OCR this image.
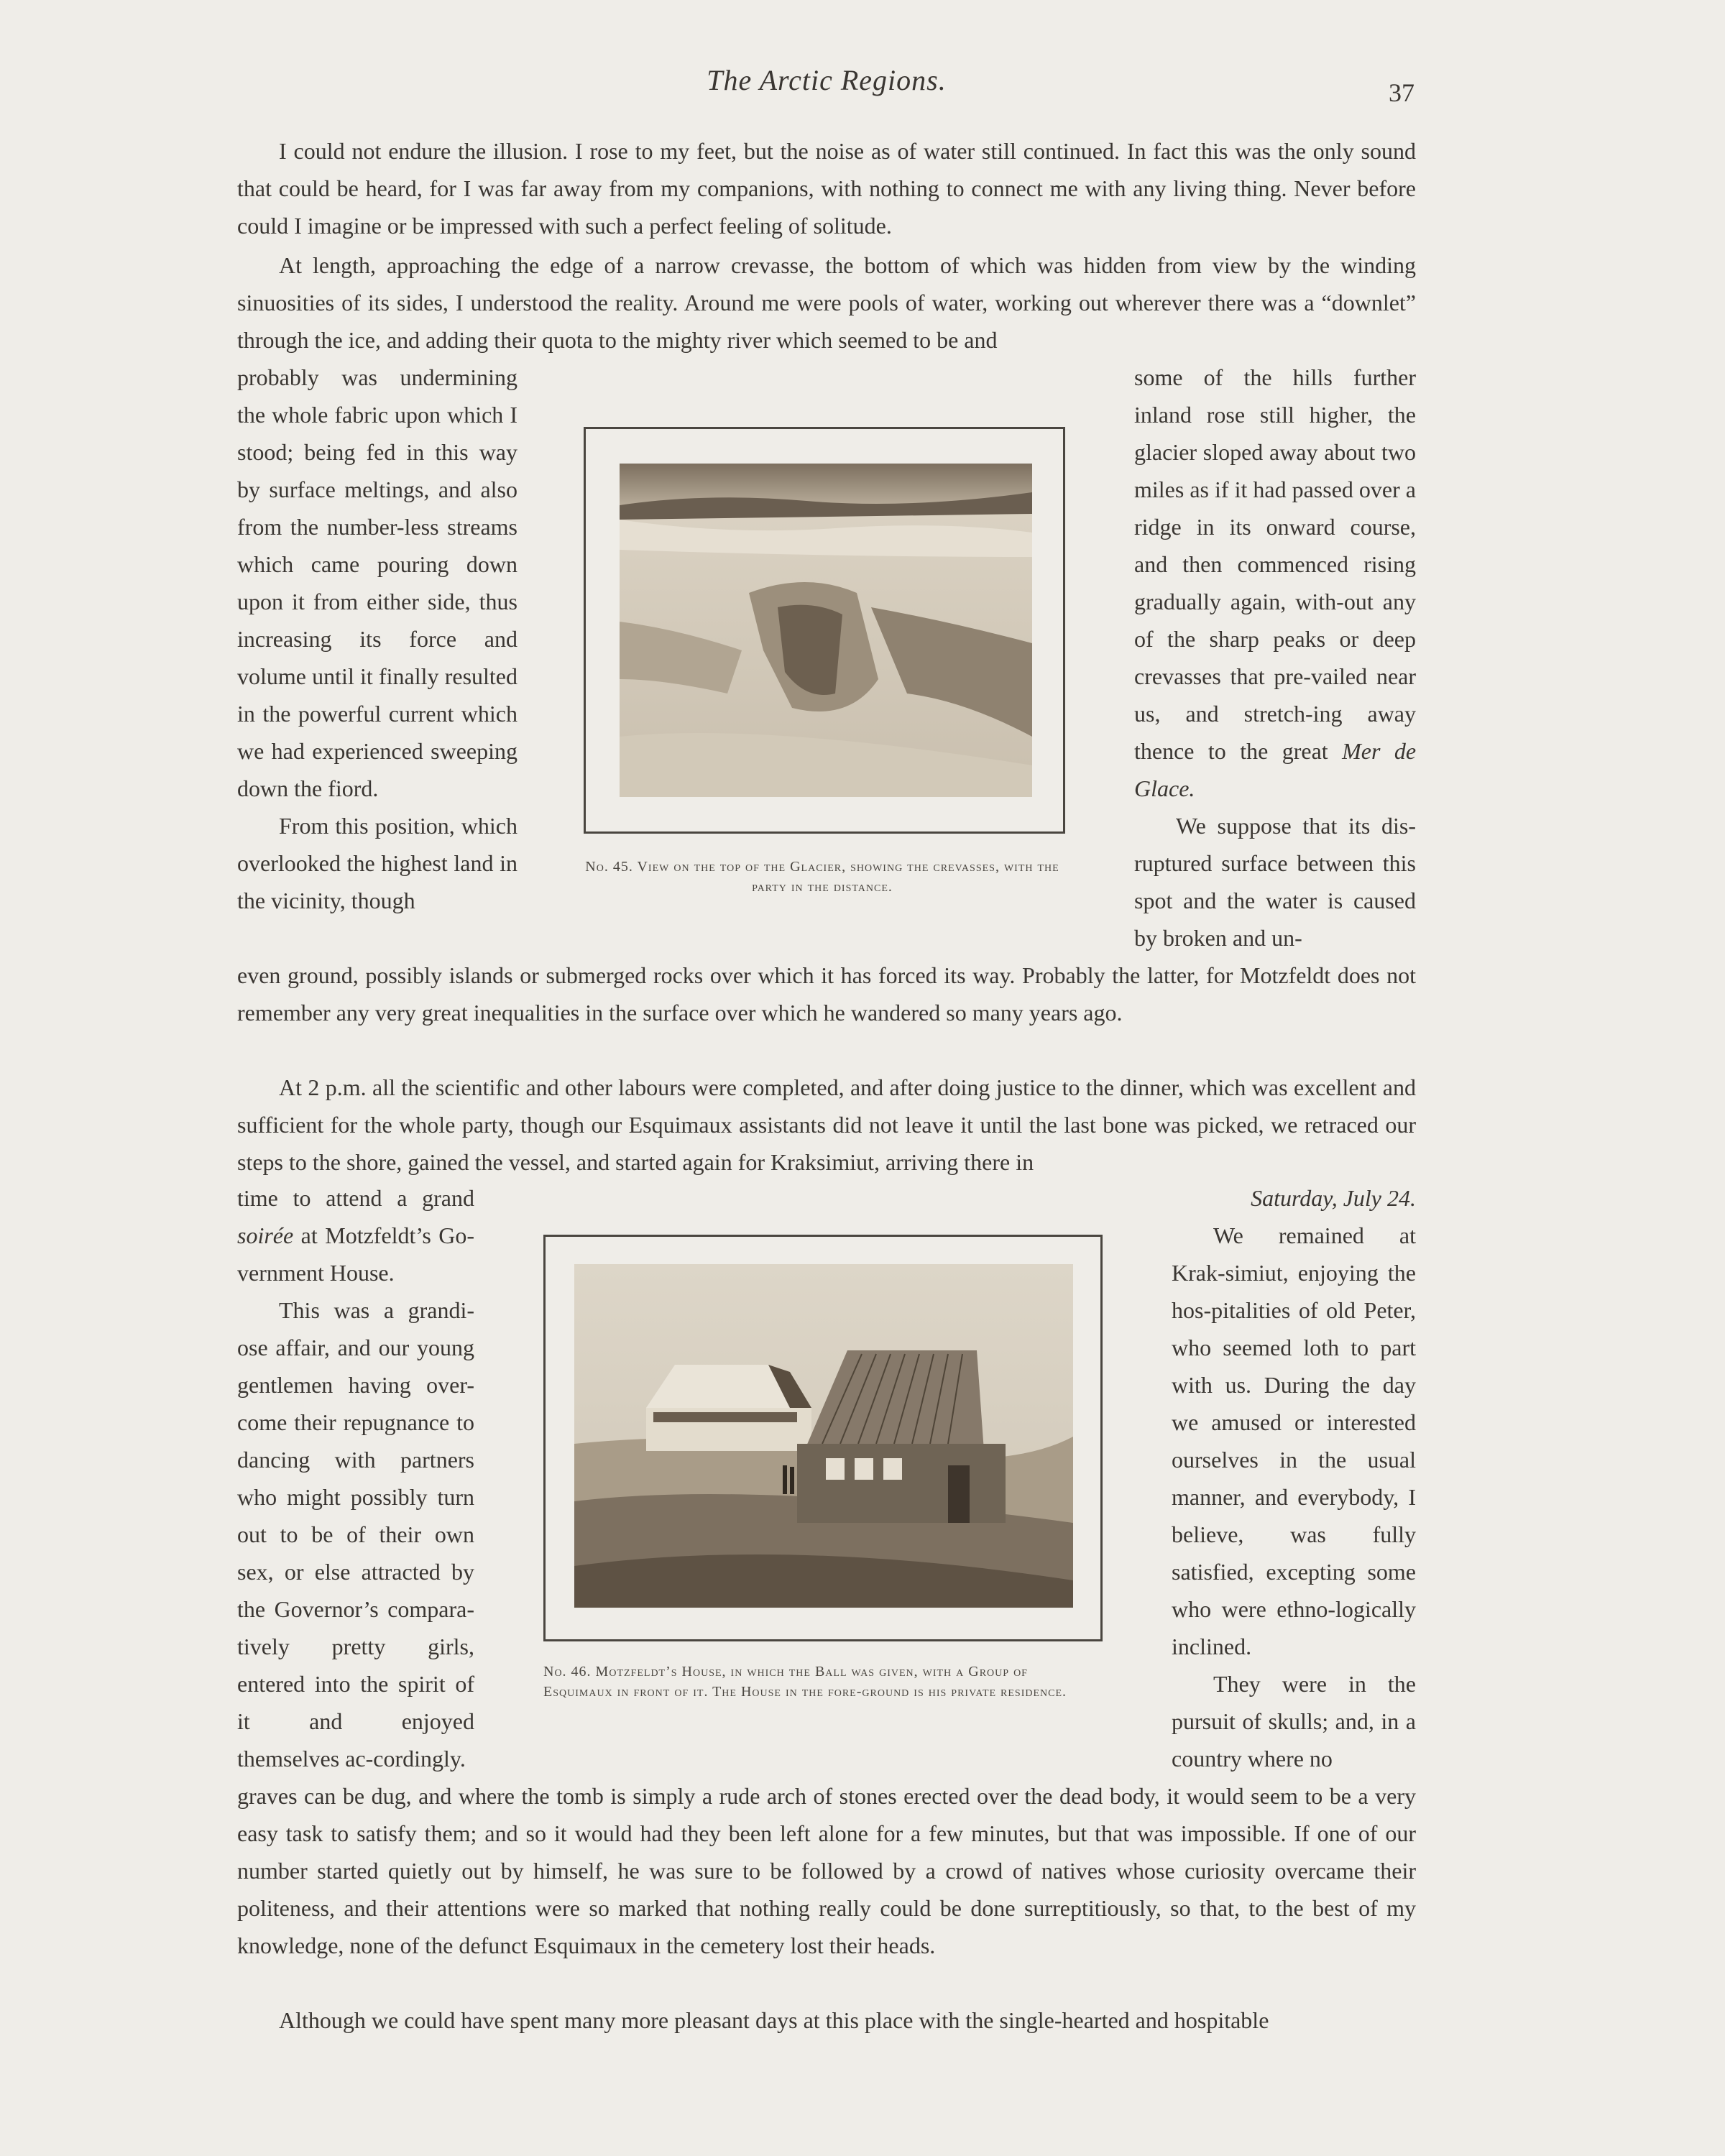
The Arctic Regions.	37

I could not endure the illusion. I rose to my feet, but the noise as of water still continued. In fact this was the only sound that could be heard, for I was far away from my companions, with nothing to connect me with any living thing. Never before could I imagine or be impressed with such a perfect feeling of solitude.

At length, approaching the edge of a narrow crevasse, the bottom of which was hidden from view by the winding sinuosities of its sides, I understood the reality. Around me were pools of water, working out wherever there was a “downlet” through the ice, and adding their quota to the mighty river which seemed to be and

probably was undermining the whole fabric upon which I stood; being fed in this way by surface meltings, and also from the number-less streams which came pouring down upon it from either side, thus increasing its force and volume until it finally resulted in the powerful current which we had experienced sweeping down the fiord.

From this position, which overlooked the highest land in the vicinity, though

No. 45. View on the top of the Glacier, showing the crevasses, with the party in the distance.

some of the hills further inland rose still higher, the glacier sloped away about two miles as if it had passed over a ridge in its onward course, and then commenced rising gradually again, with-out any of the sharp peaks or deep crevasses that pre-vailed near us, and stretch-ing away thence to the great Mer de Glace.

We suppose that its dis-ruptured surface between this spot and the water is caused by broken and un-

even ground, possibly islands or submerged rocks over which it has forced its way. Probably the latter, for Motzfeldt does not remember any very great inequalities in the surface over which he wandered so many years ago.

At 2 p.m. all the scientific and other labours were completed, and after doing justice to the dinner, which was excellent and sufficient for the whole party, though our Esquimaux assistants did not leave it until the last bone was picked, we retraced our steps to the shore, gained the vessel, and started again for Kraksimiut, arriving there in

time to attend a grand soirée at Motzfeldt’s Go-vernment House.

This was a grandi-ose affair, and our young gentlemen having over-come their repugnance to dancing with partners who might possibly turn out to be of their own sex, or else attracted by the Governor’s compara-tively pretty girls, entered into the spirit of it and enjoyed themselves ac-cordingly.

No. 46. Motzfeldt’s House, in which the Ball was given, with a Group of Esquimaux in front of it. The House in the fore-ground is his private residence.

Saturday, July 24.

We remained at Krak-simiut, enjoying the hos-pitalities of old Peter, who seemed loth to part with us. During the day we amused or interested ourselves in the usual manner, and everybody, I believe, was fully satisfied, excepting some who were ethno-logically inclined.

They were in the pursuit of skulls; and, in a country where no

graves can be dug, and where the tomb is simply a rude arch of stones erected over the dead body, it would seem to be a very easy task to satisfy them; and so it would had they been left alone for a few minutes, but that was impossible. If one of our number started quietly out by himself, he was sure to be followed by a crowd of natives whose curiosity overcame their politeness, and their attentions were so marked that nothing really could be done surreptitiously, so that, to the best of my knowledge, none of the defunct Esquimaux in the cemetery lost their heads.

Although we could have spent many more pleasant days at this place with the single-hearted and hospitable
